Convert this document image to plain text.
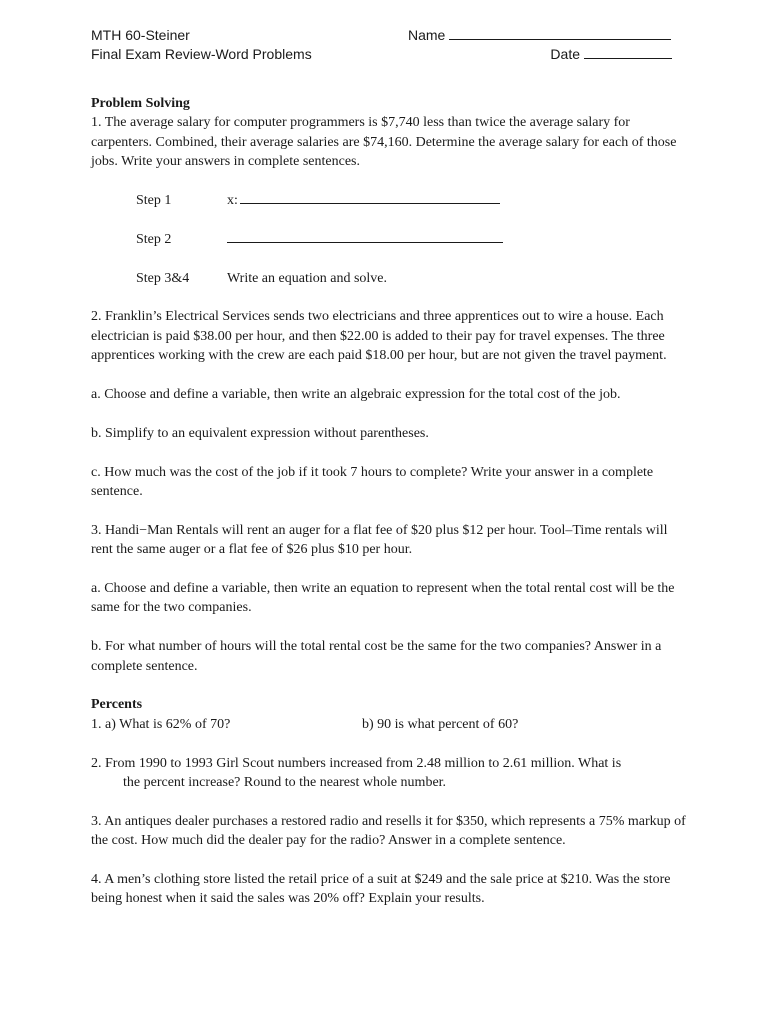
MTH 60-Steiner
Final Exam Review-Word Problems
Name
Date

Problem Solving

1. The average salary for computer programmers is $7,740 less than twice the average salary for carpenters. Combined, their average salaries are $74,160. Determine the average salary for each of those jobs. Write your answers in complete sentences.

Step 1	x:
Step 2
Step 3&4	Write an equation and solve.

2. Franklin’s Electrical Services sends two electricians and three apprentices out to wire a house. Each electrician is paid $38.00 per hour, and then $22.00 is added to their pay for travel expenses. The three apprentices working with the crew are each paid $18.00 per hour, but are not given the travel payment.

a. Choose and define a variable, then write an algebraic expression for the total cost of the job.

b. Simplify to an equivalent expression without parentheses.

c. How much was the cost of the job if it took 7 hours to complete? Write your answer in a complete sentence.

3. Handi−Man Rentals will rent an auger for a flat fee of $20 plus $12 per hour. Tool–Time rentals will rent the same auger or a flat fee of $26 plus $10 per hour.

a. Choose and define a variable, then write an equation to represent when the total rental cost will be the same for the two companies.

b. For what number of hours will the total rental cost be the same for the two companies? Answer in a complete sentence.

Percents

1. a) What is 62% of 70?	b) 90 is what percent of 60?

2. From 1990 to 1993 Girl Scout numbers increased from 2.48 million to 2.61 million. What is

the percent increase? Round to the nearest whole number.

3. An antiques dealer purchases a restored radio and resells it for $350, which represents a 75% markup of the cost. How much did the dealer pay for the radio? Answer in a complete sentence.

4. A men’s clothing store listed the retail price of a suit at $249 and the sale price at $210. Was the store being honest when it said the sales was 20% off? Explain your results.
